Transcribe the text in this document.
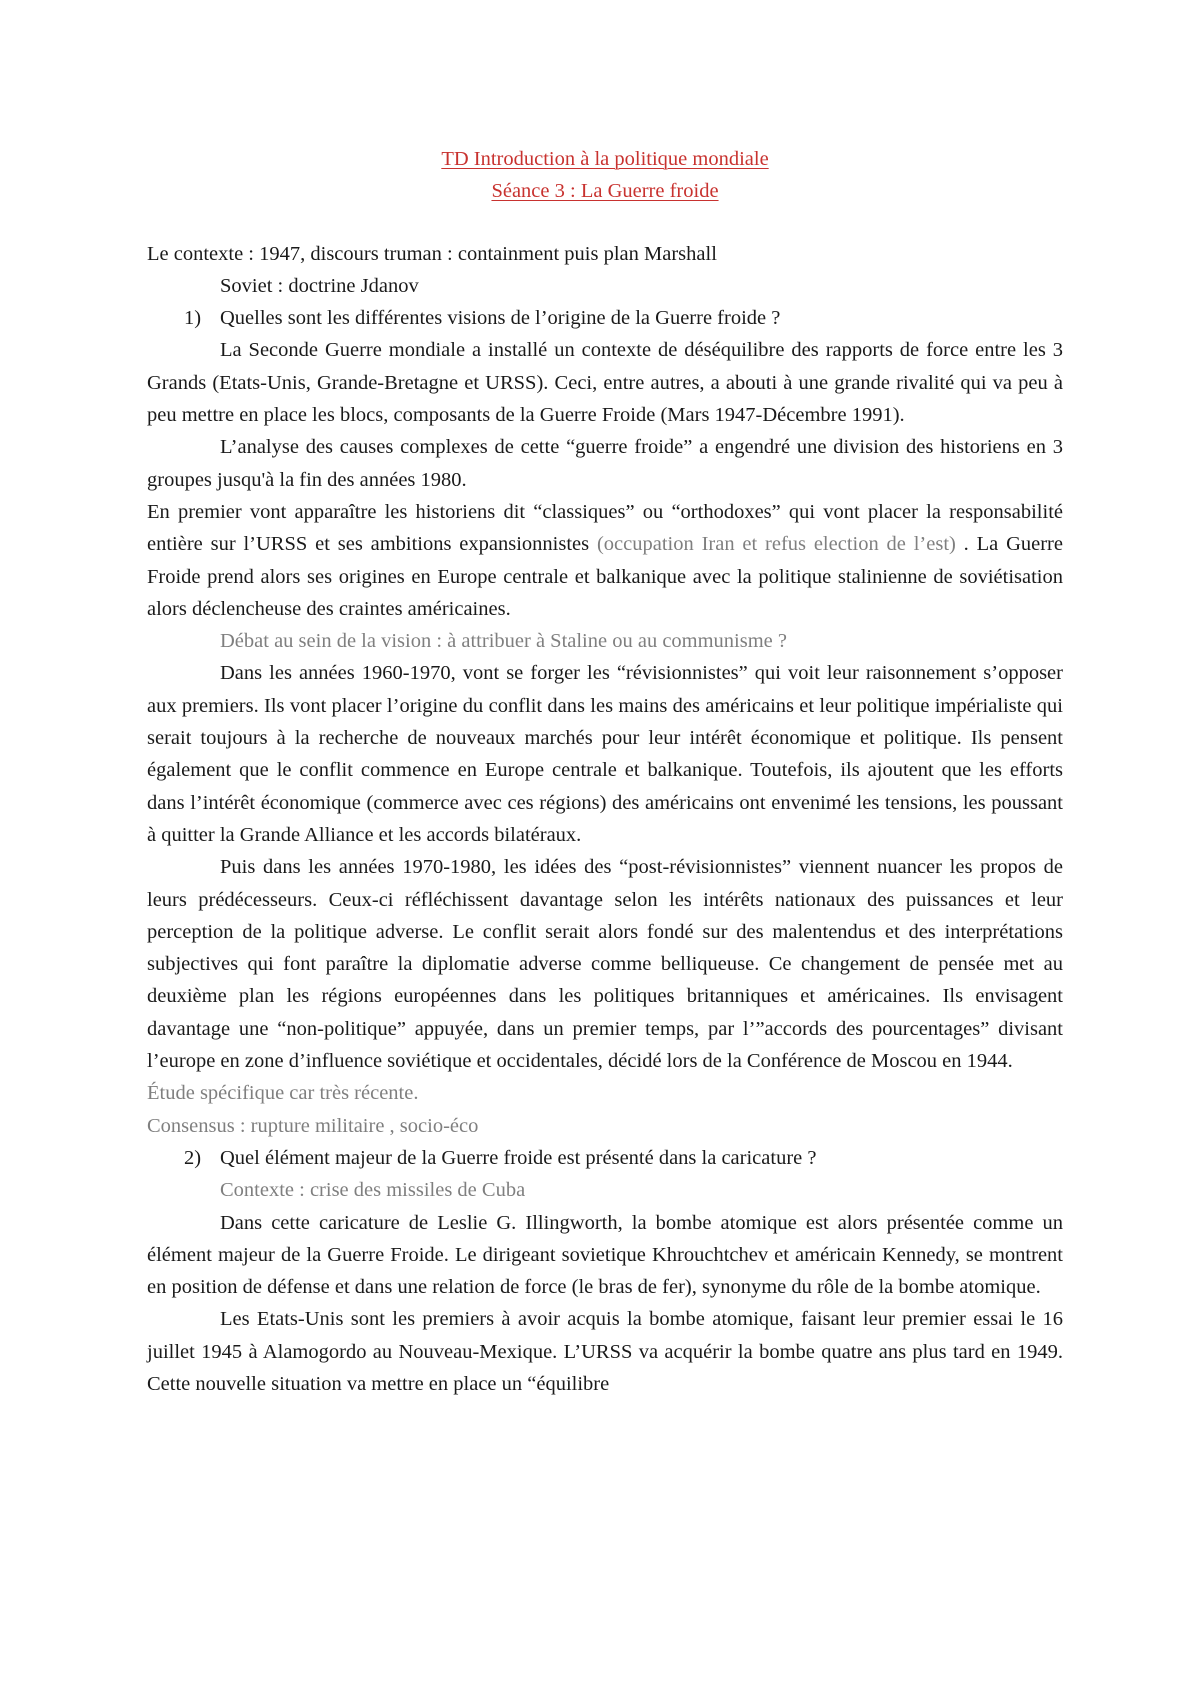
TD Introduction à la politique mondiale
Séance 3 : La Guerre froide

Le contexte : 1947, discours truman : containment puis plan Marshall

Soviet : doctrine Jdanov

1) Quelles sont les différentes visions de l’origine de la Guerre froide ?

La Seconde Guerre mondiale a installé un contexte de déséquilibre des rapports de force entre les 3 Grands (Etats-Unis, Grande-Bretagne et URSS). Ceci, entre autres, a abouti à une grande rivalité qui va peu à peu mettre en place les blocs, composants de la Guerre Froide (Mars 1947-Décembre 1991).

L’analyse des causes complexes de cette “guerre froide” a engendré une division des historiens en 3 groupes jusqu'à la fin des années 1980.

En premier vont apparaître les historiens dit “classiques” ou “orthodoxes” qui vont placer la responsabilité entière sur l’URSS et ses ambitions expansionnistes (occupation Iran et refus election de l’est) . La Guerre Froide prend alors ses origines en Europe centrale et balkanique avec la politique stalinienne de soviétisation alors déclencheuse des craintes américaines.

Débat au sein de la vision : à attribuer à Staline ou au communisme ?

Dans les années 1960-1970, vont se forger les “révisionnistes” qui voit leur raisonnement s’opposer aux premiers. Ils vont placer l’origine du conflit dans les mains des américains et leur politique impérialiste qui serait toujours à la recherche de nouveaux marchés pour leur intérêt économique et politique. Ils pensent également que le conflit commence en Europe centrale et balkanique. Toutefois, ils ajoutent que les efforts dans l’intérêt économique (commerce avec ces régions) des américains ont envenimé les tensions, les poussant à quitter la Grande Alliance et les accords bilatéraux.

Puis dans les années 1970-1980, les idées des “post-révisionnistes” viennent nuancer les propos de leurs prédécesseurs. Ceux-ci réfléchissent davantage selon les intérêts nationaux des puissances et leur perception de la politique adverse. Le conflit serait alors fondé sur des malentendus et des interprétations subjectives qui font paraître la diplomatie adverse comme belliqueuse. Ce changement de pensée met au deuxième plan les régions européennes dans les politiques britanniques et américaines. Ils envisagent davantage une “non-politique” appuyée, dans un premier temps, par l’”accords des pourcentages” divisant l’europe en zone d’influence soviétique et occidentales, décidé lors de la Conférence de Moscou en 1944.

Étude spécifique car très récente.

Consensus : rupture militaire , socio-éco

2) Quel élément majeur de la Guerre froide est présenté dans la caricature ?

Contexte : crise des missiles de Cuba

Dans cette caricature de Leslie G. Illingworth, la bombe atomique est alors présentée comme un élément majeur de la Guerre Froide. Le dirigeant sovietique Khrouchtchev et américain Kennedy, se montrent en position de défense et dans une relation de force (le bras de fer), synonyme du rôle de la bombe atomique.

Les Etats-Unis sont les premiers à avoir acquis la bombe atomique, faisant leur premier essai le 16 juillet 1945 à Alamogordo au Nouveau-Mexique. L’URSS va acquérir la bombe quatre ans plus tard en 1949. Cette nouvelle situation va mettre en place un “équilibre
